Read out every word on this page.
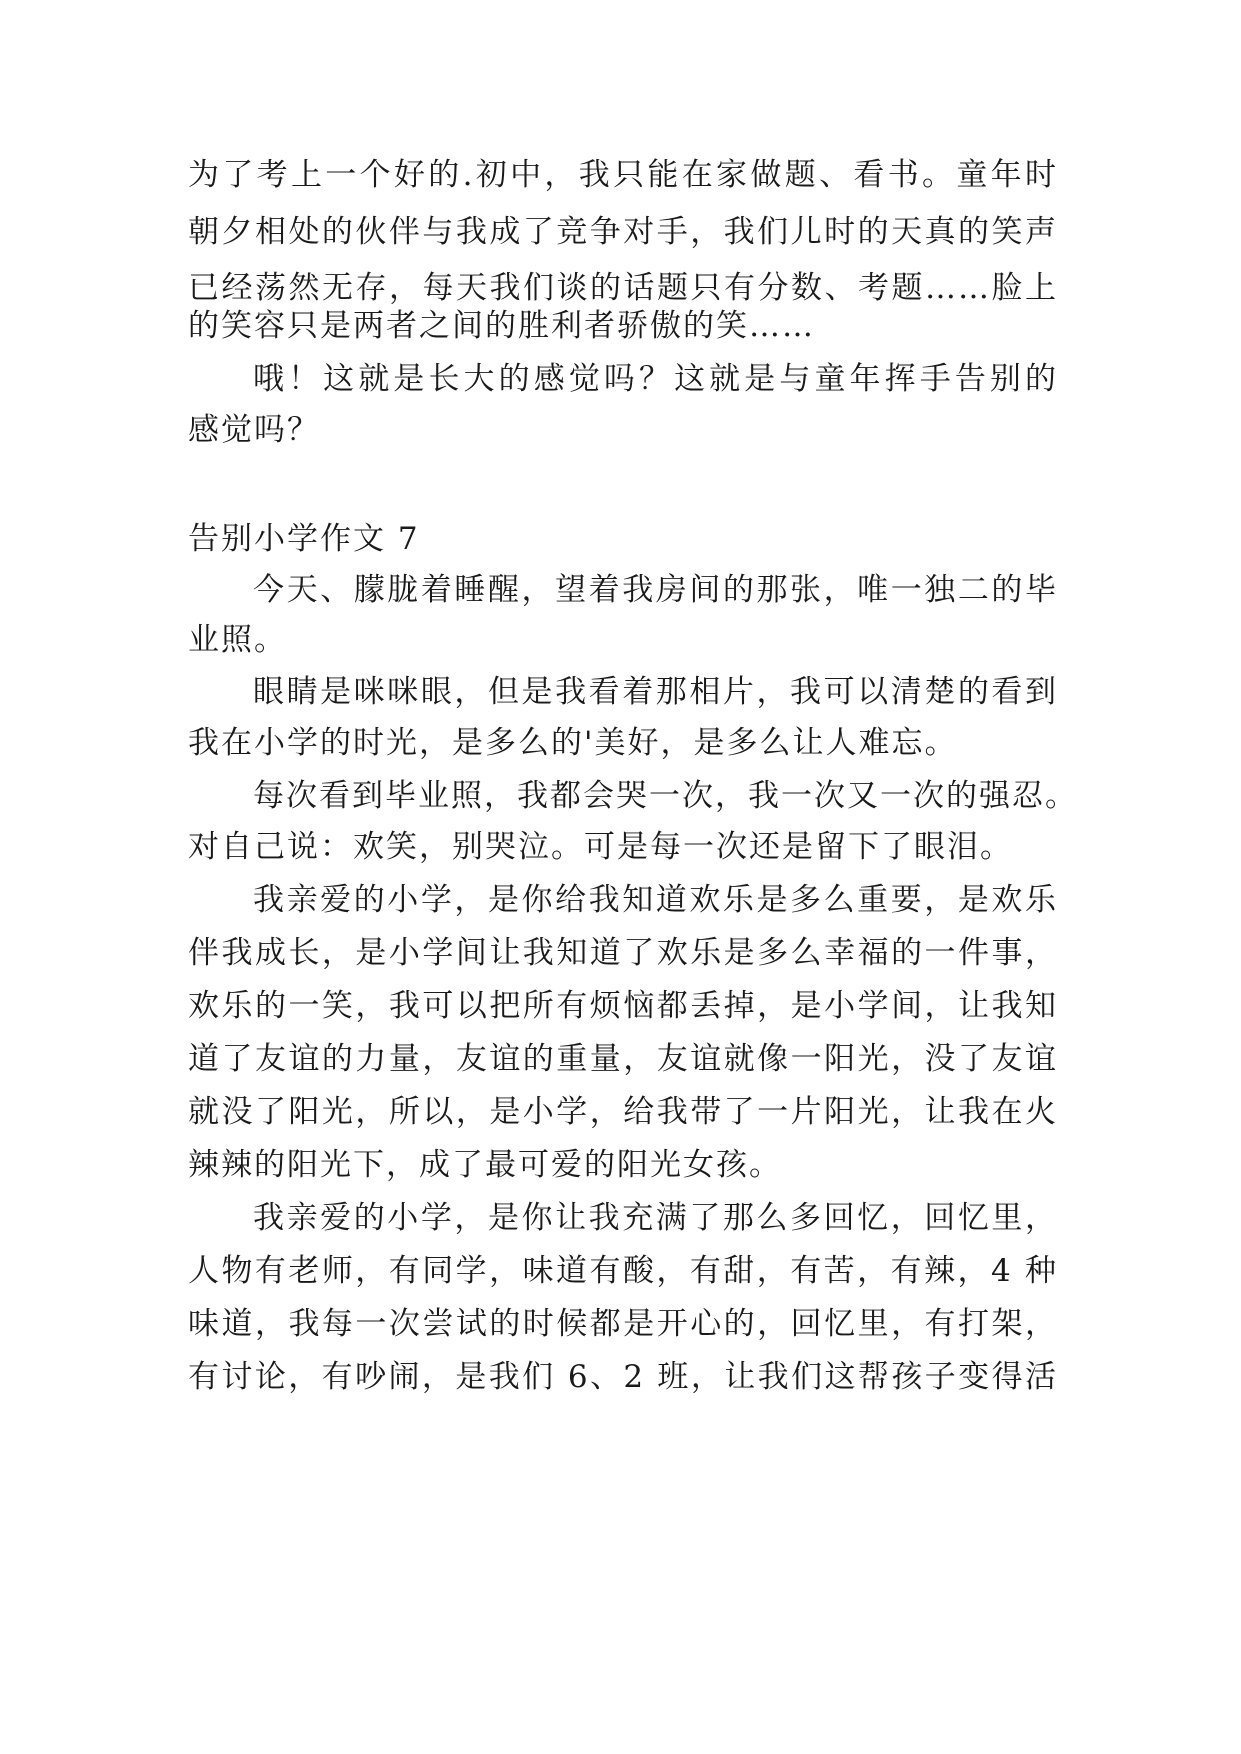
为了考上一个好的.初中，我只能在家做题、看书。童年时
朝夕相处的伙伴与我成了竞争对手，我们儿时的天真的笑声
已经荡然无存，每天我们谈的话题只有分数、考题……脸上
的笑容只是两者之间的胜利者骄傲的笑……
哦！这就是长大的感觉吗？这就是与童年挥手告别的
感觉吗？
告别小学作文 7
今天、朦胧着睡醒，望着我房间的那张，唯一独二的毕
业照。
眼睛是咪咪眼，但是我看着那相片，我可以清楚的看到
我在小学的时光，是多么的'美好，是多么让人难忘。
每次看到毕业照，我都会哭一次，我一次又一次的强忍。
对自己说：欢笑，别哭泣。可是每一次还是留下了眼泪。
我亲爱的小学，是你给我知道欢乐是多么重要，是欢乐
伴我成长，是小学间让我知道了欢乐是多么幸福的一件事，
欢乐的一笑，我可以把所有烦恼都丢掉，是小学间，让我知
道了友谊的力量，友谊的重量，友谊就像一阳光，没了友谊
就没了阳光，所以，是小学，给我带了一片阳光，让我在火
辣辣的阳光下，成了最可爱的阳光女孩。
我亲爱的小学，是你让我充满了那么多回忆，回忆里，
人物有老师，有同学，味道有酸，有甜，有苦，有辣，4 种
味道，我每一次尝试的时候都是开心的，回忆里，有打架，
有讨论，有吵闹，是我们 6、2 班，让我们这帮孩子变得活
